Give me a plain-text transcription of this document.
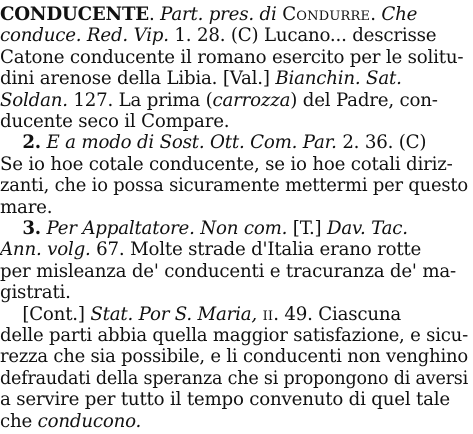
CONDUCENTE. Part. pres. di Condurre. Che
conduce. Red. Vip. 1. 28. (C) Lucano... descrisse
Catone conducente il romano esercito per le solitu-
dini arenose della Libia. [Val.] Bianchin. Sat.
Soldan. 127. La prima (carrozza) del Padre, con-
ducente seco il Compare.
2. E a modo di Sost. Ott. Com. Par. 2. 36. (C)
Se io hoe cotale conducente, se io hoe cotali diriz-
zanti, che io possa sicuramente mettermi per questo
mare.
3. Per Appaltatore. Non com. [T.] Dav. Tac.
Ann. volg. 67. Molte strade d'Italia erano rotte
per misleanza de' conducenti e tracuranza de' ma-
gistrati.
[Cont.] Stat. Por S. Maria, ii. 49. Ciascuna
delle parti abbia quella maggior satisfazione, e sicu-
rezza che sia possibile, e li conducenti non venghino
defraudati della speranza che si propongono di aversi
a servire per tutto il tempo convenuto di quel tale
che conducono.
